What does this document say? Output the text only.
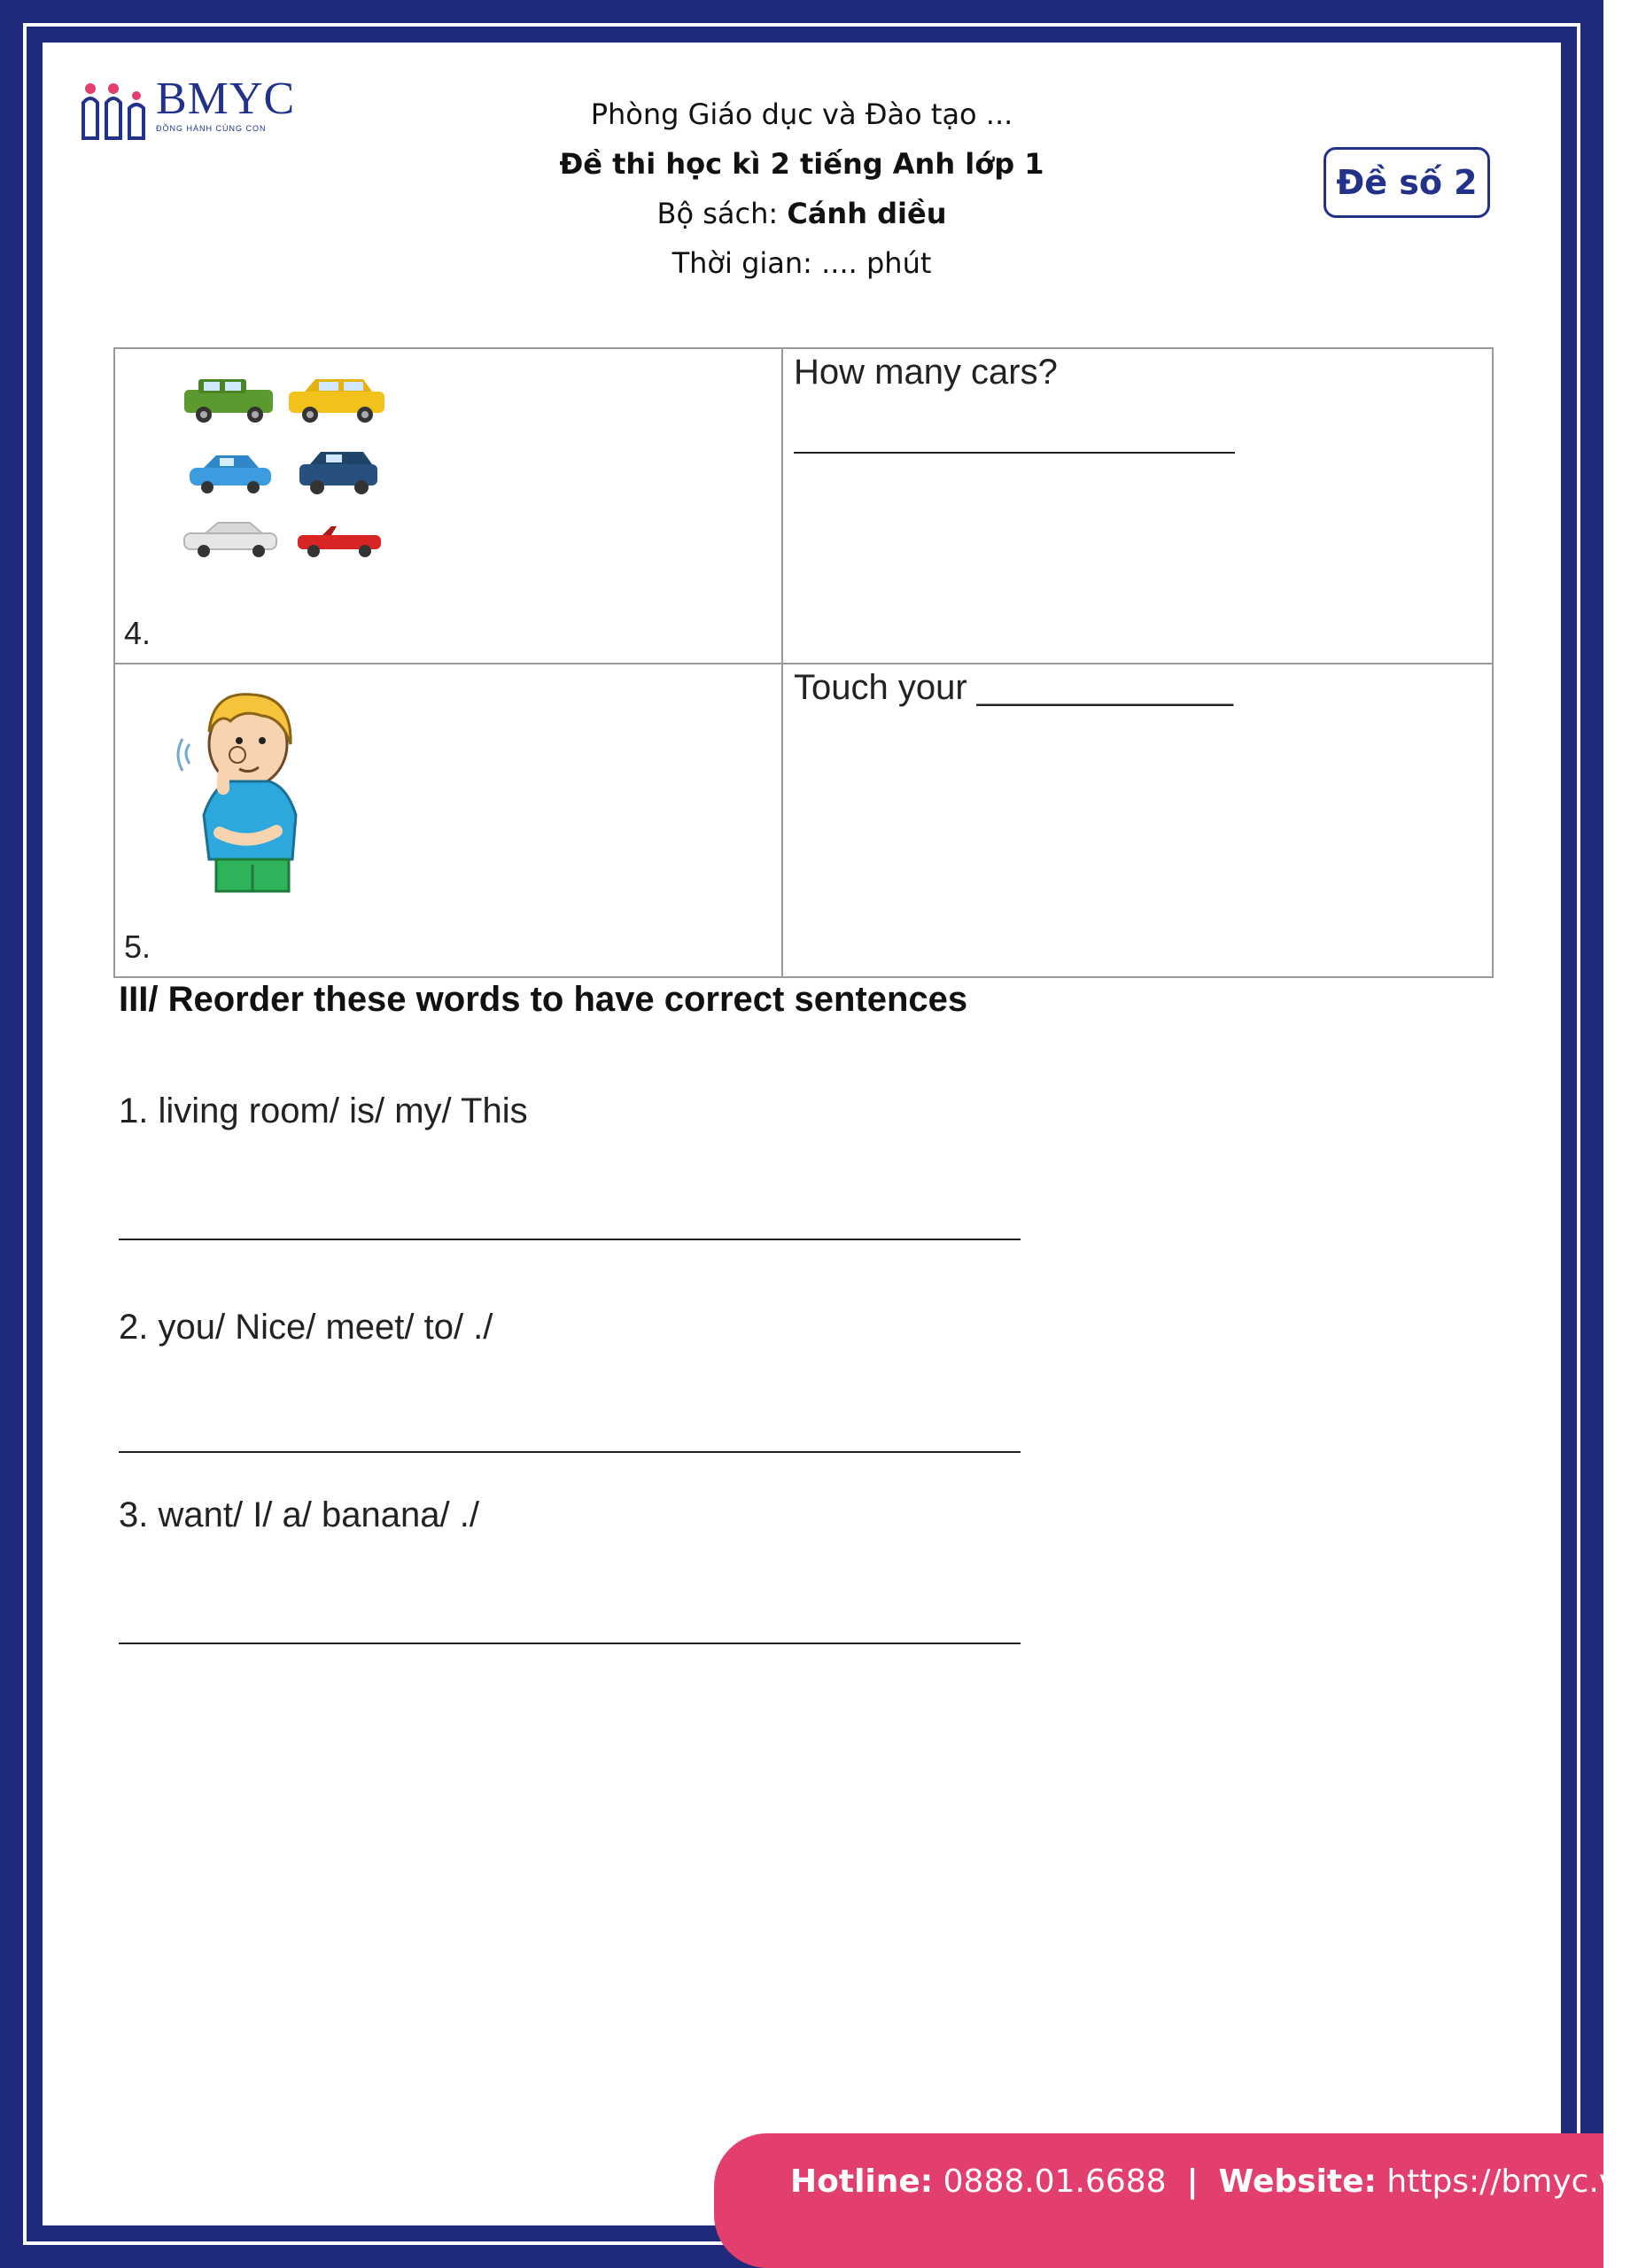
BMYC
ĐỒNG HÀNH CÙNG CON	Phòng Giáo dục và Đào tạo ...
Đề thi học kì 2 tiếng Anh lớp 1
Bộ sách: Cánh diều
Thời gian: .... phút
Đề số 2
4.	How many cars?

5.	Touch your _____________
III/ Reorder these words to have correct sentences
1. living room/ is/ my/ This
2. you/ Nice/ meet/ to/ ./
3. want/ I/ a/ banana/ ./
Hotline: 0888.01.6688 | Website: https://bmyc.vn
